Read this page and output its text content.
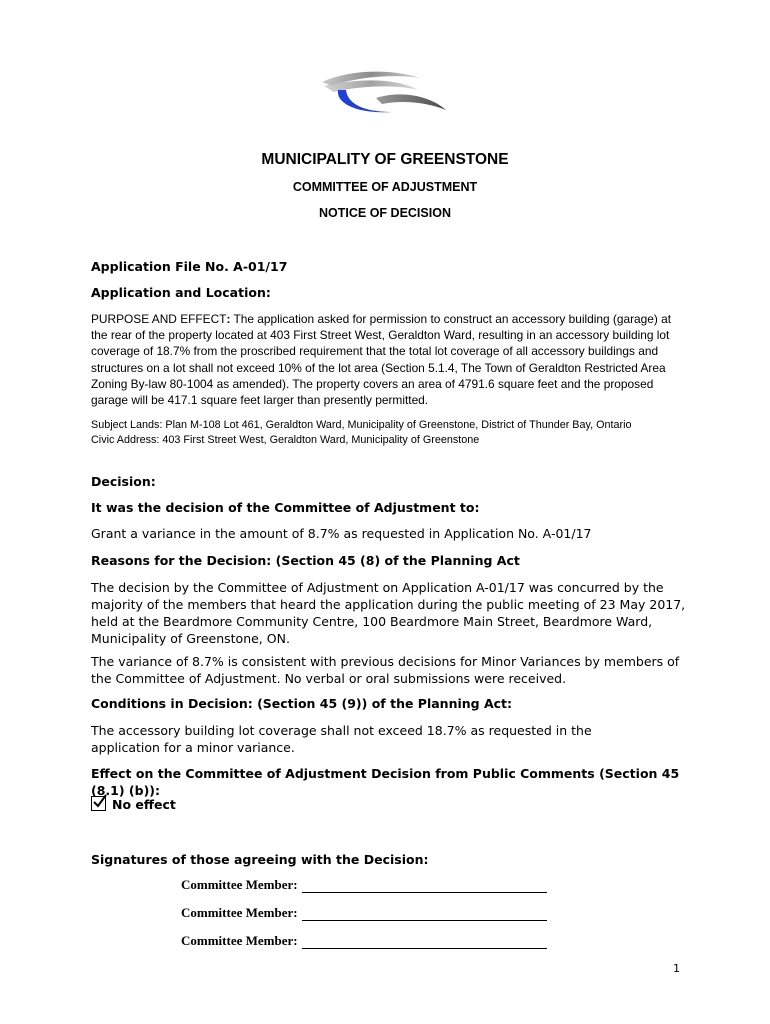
MUNICIPALITY OF GREENSTONE
COMMITTEE OF ADJUSTMENT
NOTICE OF DECISION
Application File No. A-01/17
Application and Location:
PURPOSE AND EFFECT: The application asked for permission to construct an accessory building (garage) at the rear of the property located at 403 First Street West, Geraldton Ward, resulting in an accessory building lot coverage of 18.7% from the proscribed requirement that the total lot coverage of all accessory buildings and structures on a lot shall not exceed 10% of the lot area (Section 5.1.4, The Town of Geraldton Restricted Area Zoning By-law 80-1004 as amended). The property covers an area of 4791.6 square feet and the proposed garage will be 417.1 square feet larger than presently permitted.
Subject Lands: Plan M-108 Lot 461, Geraldton Ward, Municipality of Greenstone, District of Thunder Bay, Ontario
Civic Address: 403 First Street West, Geraldton Ward, Municipality of Greenstone
Decision:
It was the decision of the Committee of Adjustment to:
Grant a variance in the amount of 8.7% as requested in Application No. A-01/17
Reasons for the Decision: (Section 45 (8) of the Planning Act
The decision by the Committee of Adjustment on Application A-01/17 was concurred by the majority of the members that heard the application during the public meeting of 23 May 2017, held at the Beardmore Community Centre, 100 Beardmore Main Street, Beardmore Ward, Municipality of Greenstone, ON.
The variance of 8.7% is consistent with previous decisions for Minor Variances by members of the Committee of Adjustment. No verbal or oral submissions were received.
Conditions in Decision: (Section 45 (9)) of the Planning Act:
The accessory building lot coverage shall not exceed 18.7% as requested in the application for a minor variance.
Effect on the Committee of Adjustment Decision from Public Comments (Section 45 (8.1) (b)):
No effect
Signatures of those agreeing with the Decision:
Committee Member:
Committee Member:
Committee Member:
1
